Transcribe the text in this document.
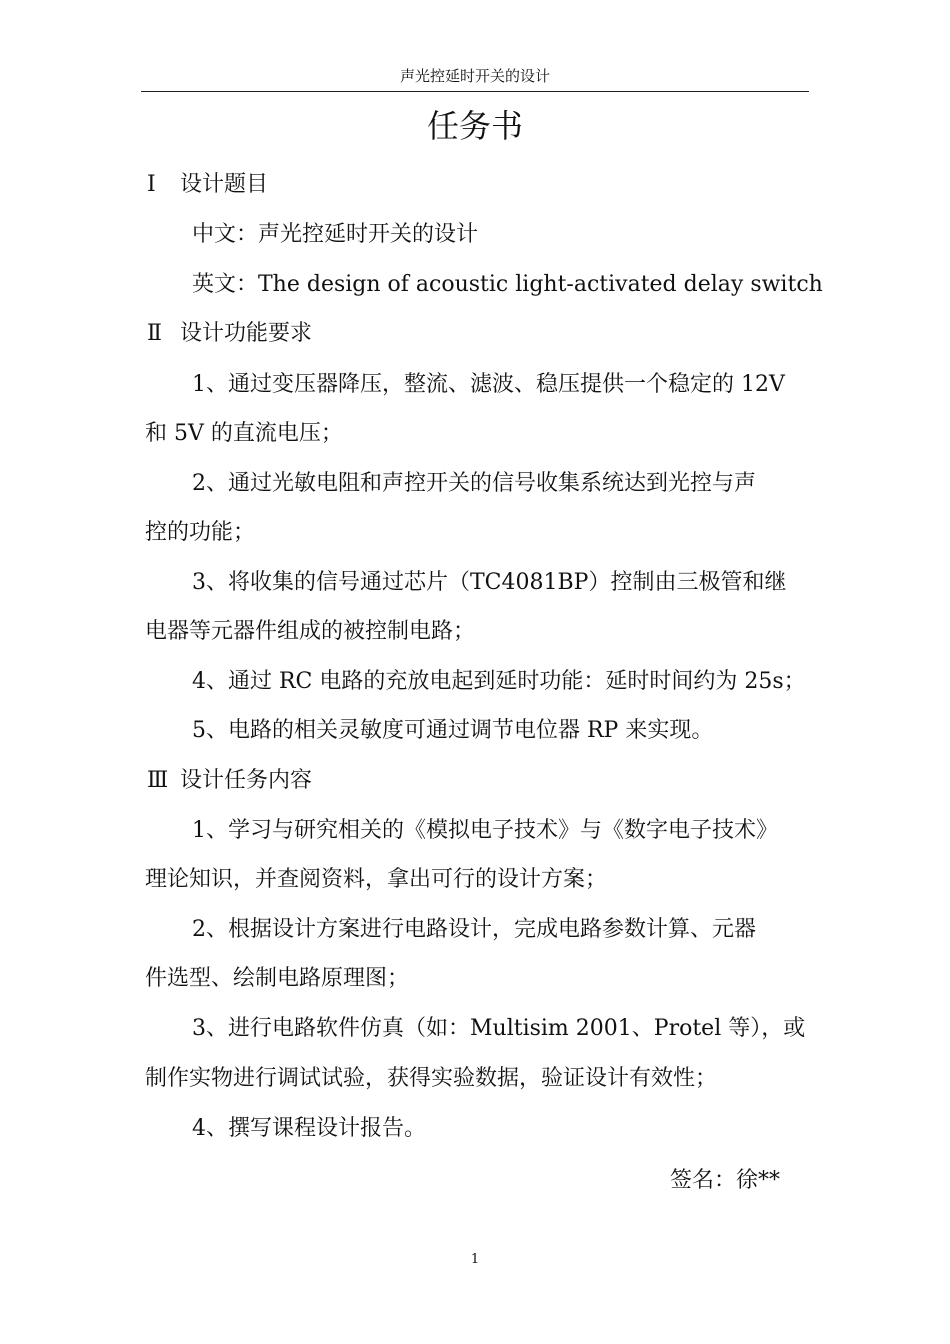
声光控延时开关的设计
任务书
Ⅰ 设计题目
中文：声光控延时开关的设计
英文：The design of acoustic light-activated delay switch
Ⅱ 设计功能要求
1、通过变压器降压，整流、滤波、稳压提供一个稳定的 12V
和 5V 的直流电压；
2、通过光敏电阻和声控开关的信号收集系统达到光控与声
控的功能；
3、将收集的信号通过芯片（TC4081BP）控制由三极管和继
电器等元器件组成的被控制电路；
4、通过 RC 电路的充放电起到延时功能：延时时间约为 25s；
5、电路的相关灵敏度可通过调节电位器 RP 来实现。
Ⅲ 设计任务内容
1、学习与研究相关的《模拟电子技术》与《数字电子技术》
理论知识，并查阅资料，拿出可行的设计方案；
2、根据设计方案进行电路设计，完成电路参数计算、元器
件选型、绘制电路原理图；
3、进行电路软件仿真（如：Multisim 2001、Protel 等），或
制作实物进行调试试验，获得实验数据，验证设计有效性；
4、撰写课程设计报告。
签名：徐**
1
